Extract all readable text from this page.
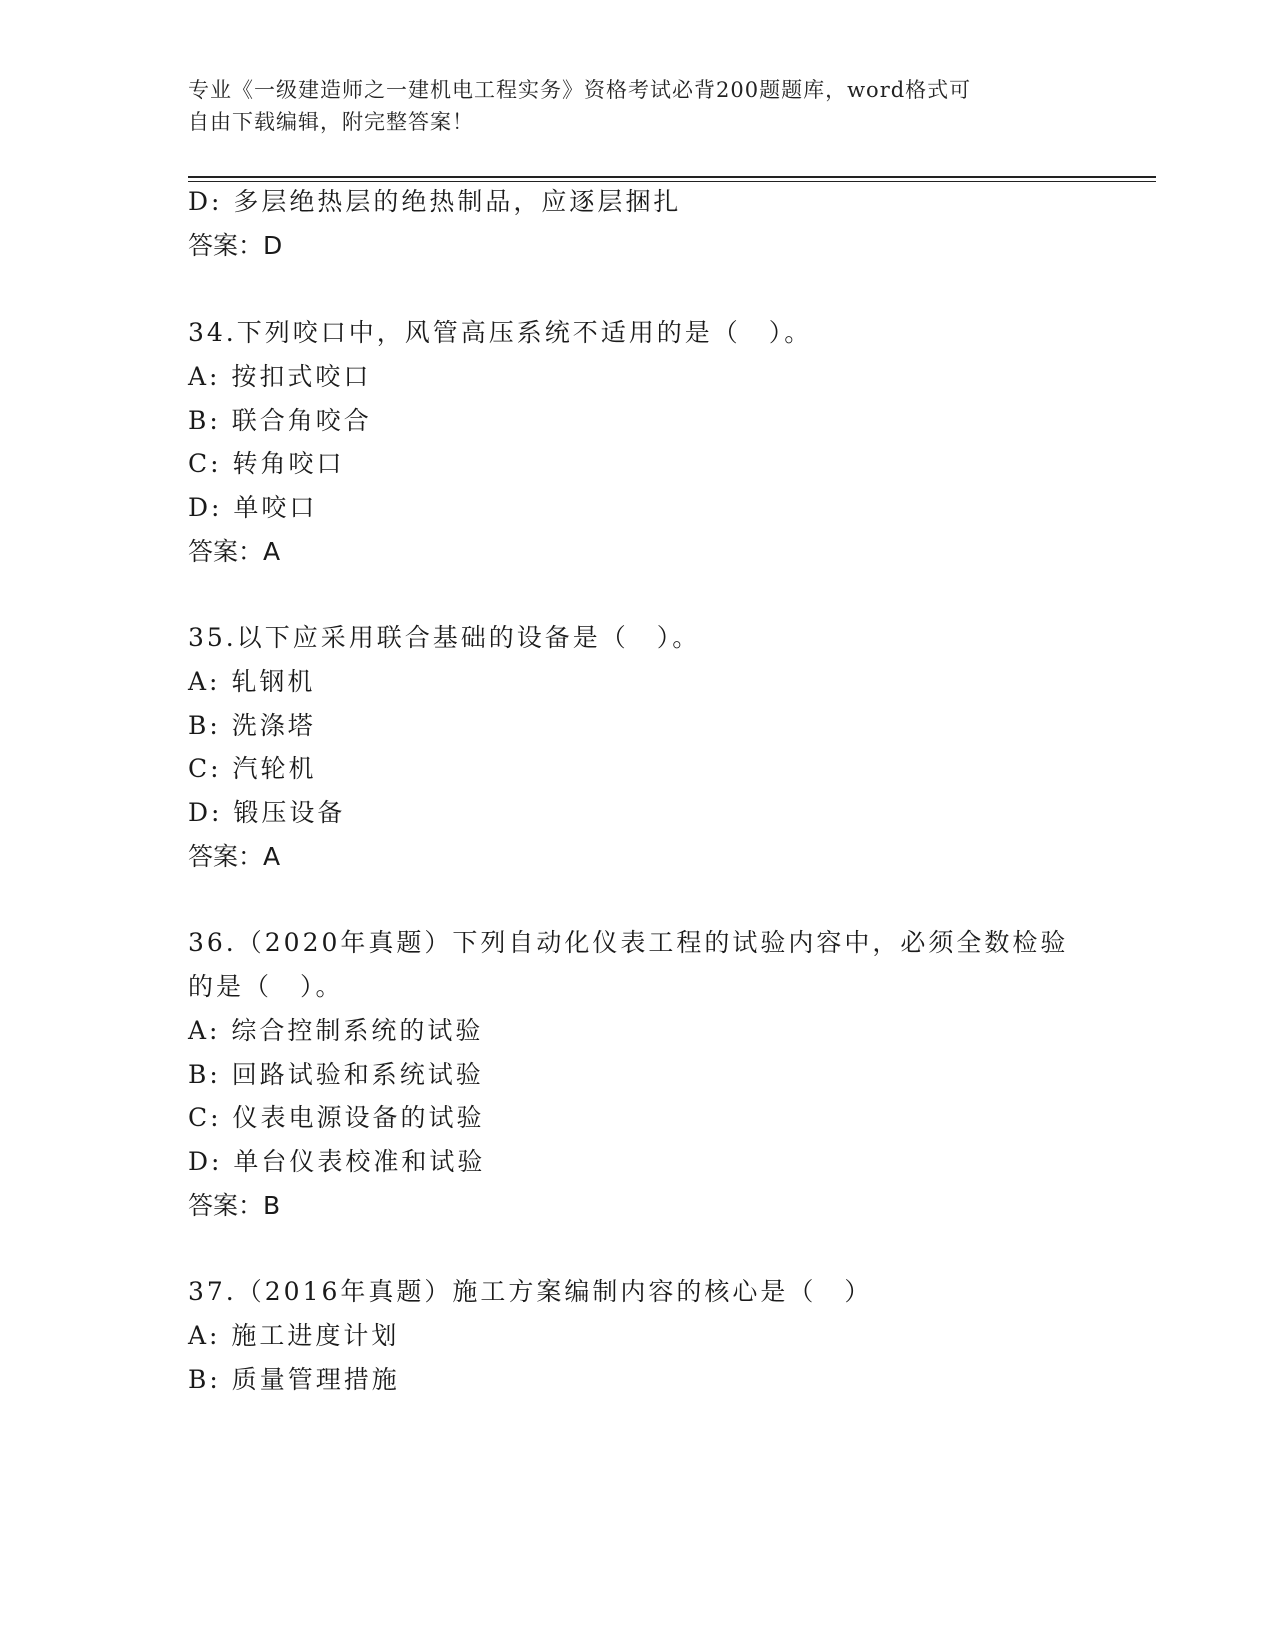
专业《一级建造师之一建机电工程实务》资格考试必背200题题库，word格式可
自由下载编辑，附完整答案！
D: 多层绝热层的绝热制品，应逐层捆扎
答案：D
34.下列咬口中，风管高压系统不适用的是（　）。
A: 按扣式咬口
B: 联合角咬合
C: 转角咬口
D: 单咬口
答案：A
35.以下应采用联合基础的设备是（　）。
A: 轧钢机
B: 洗涤塔
C: 汽轮机
D: 锻压设备
答案：A
36.（2020年真题）下列自动化仪表工程的试验内容中，必须全数检验
的是（　）。
A: 综合控制系统的试验
B: 回路试验和系统试验
C: 仪表电源设备的试验
D: 单台仪表校准和试验
答案：B
37.（2016年真题）施工方案编制内容的核心是（　）
A: 施工进度计划
B: 质量管理措施
